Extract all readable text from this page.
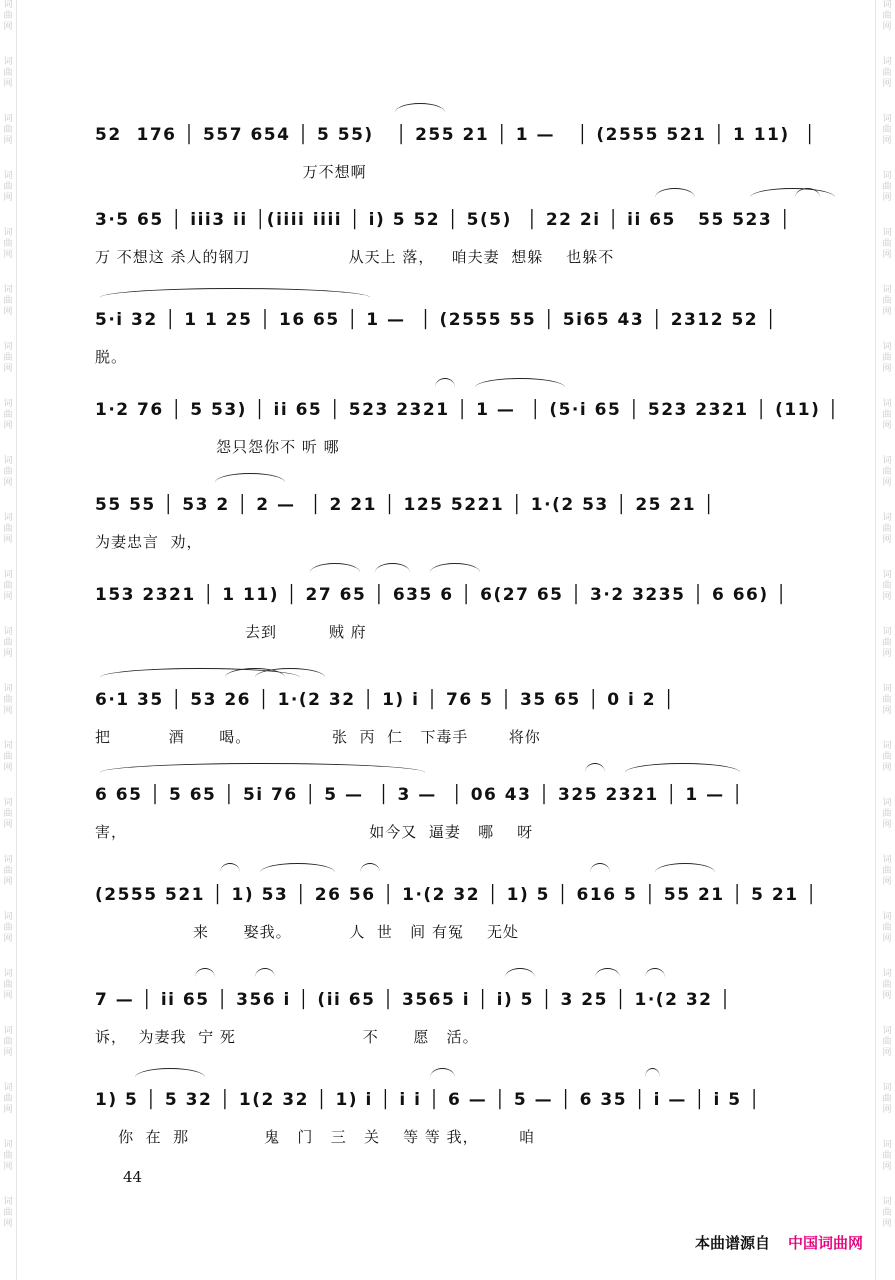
词曲网
词曲网
词曲网
词曲网
词曲网
词曲网
词曲网
词曲网
词曲网
词曲网
词曲网
词曲网
词曲网
词曲网
词曲网
词曲网
词曲网
词曲网
词曲网
词曲网
词曲网
词曲网
词曲网
词曲网
词曲网
词曲网
词曲网
词曲网
词曲网
词曲网
词曲网
词曲网
词曲网
词曲网
词曲网
词曲网
词曲网
词曲网
词曲网
词曲网
词曲网
词曲网
词曲网
词曲网
52  176 │ 557 654 │ 5 55)   │ 255 21 │ 1 —   │ (2555 521 │ 1 11)  │
万不想啊
3·5 65 │ iii3 ii │(iiii iiii │ i) 5 52 │ 5(5)  │ 22 2i │ ii 65   55 523 │
万 不想这 杀人的钢刀                 从天上 落，   咱夫妻  想躲    也躲不
5·i 32 │ 1 1 25 │ 16 65 │ 1 —  │ (2555 55 │ 5i65 43 │ 2312 52 │
脱。
1·2 76 │ 5 53) │ ii 65 │ 523 2321 │ 1 —  │ (5·i 65 │ 523 2321 │ (11) │
怨只怨你不 听 哪
55 55 │ 53 2 │ 2 —  │ 2 21 │ 125 5221 │ 1·(2 53 │ 25 21 │
为妻忠言  劝，
153 2321 │ 1 11) │ 27 65 │ 635 6 │ 6(27 65 │ 3·2 3235 │ 6 66) │
去到         贼 府
6·1 35 │ 53 26 │ 1·(2 32 │ 1) i │ 76 5 │ 35 65 │ 0 i 2 │
把          酒      喝。              张  丙  仁   下毒手       将你
6 65 │ 5 65 │ 5i 76 │ 5 —  │ 3 —  │ 06 43 │ 325 2321 │ 1 — │
害，                                          如今又  逼妻   哪    呀
(2555 521 │ 1) 53 │ 26 56 │ 1·(2 32 │ 1) 5 │ 616 5 │ 55 21 │ 5 21 │
来      娶我。          人  世   间 有冤    无处
7 — │ ii 65 │ 356 i │ (ii 65 │ 3565 i │ i) 5 │ 3 25 │ 1·(2 32 │
诉，  为妻我  宁 死                      不      愿   活。
1) 5 │ 5 32 │ 1(2 32 │ 1) i │ i i │ 6 — │ 5 — │ 6 35 │ i — │ i 5 │
你  在  那             鬼   门   三   关    等 等 我，       咱
44
本曲谱源自 中国词曲网
